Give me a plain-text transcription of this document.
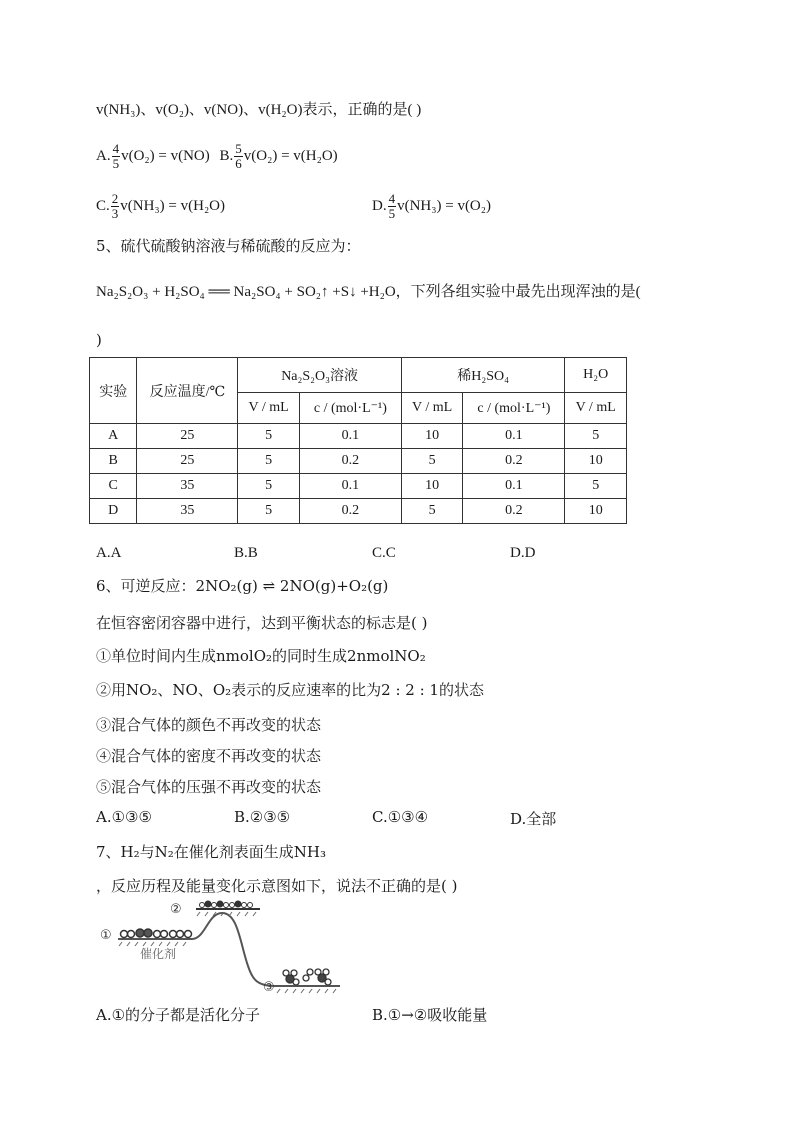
v(NH₃)、v(O₂)、v(NO)、v(H₂O)表示，正确的是( )
A. $\frac{4}{5} v(O_2) = v(NO)$ B. $\frac{5}{6} v(O_2) = v(H_2O)$
C. $\frac{2}{3} v(NH_3) = v(H_2O)$	D. $\frac{4}{5} v(NH_3) = v(O_2)$
5、硫代硫酸钠溶液与稀硫酸的反应为：
Na₂S₂O₃ + H₂SO₄ ══ Na₂SO₄ + SO₂↑ +S↓ +H₂O，下列各组实验中最先出现浑浊的是(
)
实验	反应温度/℃	Na₂S₂O₃溶液		稀H₂SO₄		H₂O
		V / mL	c / (mol·L⁻¹)	V / mL	c / (mol·L⁻¹)	V / mL
A	25	5	0.1	10	0.1	5
B	25	5	0.2	5	0.2	10
C	35	5	0.1	10	0.1	5
D	35	5	0.2	5	0.2	10
A.A	B.B	C.C	D.D
6、可逆反应：2NO₂(g) ⇌ 2NO(g)+O₂(g)
在恒容密闭容器中进行，达到平衡状态的标志是( )
①单位时间内生成nmolO₂的同时生成2nmolNO₂
②用NO₂、NO、O₂表示的反应速率的比为2 : 2 : 1的状态
③混合气体的颜色不再改变的状态
④混合气体的密度不再改变的状态
⑤混合气体的压强不再改变的状态
A.①③⑤	B.②③⑤	C.①③④	D.全部
7、H₂与N₂在催化剂表面生成NH₃
，反应历程及能量变化示意图如下，说法不正确的是( )
①
②
③
催化剂
A.①的分子都是活化分子	B.①→②吸收能量
